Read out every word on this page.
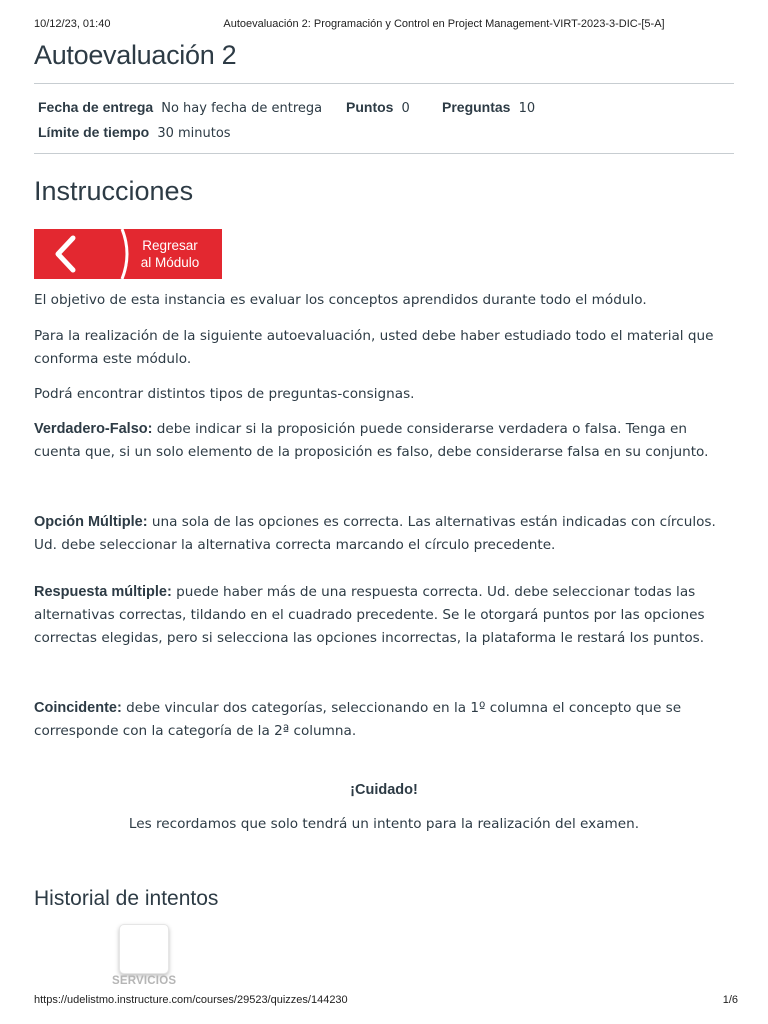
10/12/23, 01:40	Autoevaluación 2: Programación y Control en Project Management-VIRT-2023-3-DIC-[5-A]
Autoevaluación 2
Fecha de entrega No hay fecha de entrega Puntos 0 Preguntas 10
Límite de tiempo 30 minutos
Instrucciones
Regresar
al Módulo
El objetivo de esta instancia es evaluar los conceptos aprendidos durante todo el módulo.
Para la realización de la siguiente autoevaluación, usted debe haber estudiado todo el material que conforma este módulo.
Podrá encontrar distintos tipos de preguntas-consignas.
Verdadero-Falso: debe indicar si la proposición puede considerarse verdadera o falsa. Tenga en cuenta que, si un solo elemento de la proposición es falso, debe considerarse falsa en su conjunto.
Opción Múltiple: una sola de las opciones es correcta. Las alternativas están indicadas con círculos. Ud. debe seleccionar la alternativa correcta marcando el círculo precedente.
Respuesta múltiple: puede haber más de una respuesta correcta. Ud. debe seleccionar todas las alternativas correctas, tildando en el cuadrado precedente. Se le otorgará puntos por las opciones correctas elegidas, pero si selecciona las opciones incorrectas, la plataforma le restará los puntos.
Coincidente: debe vincular dos categorías, seleccionando en la 1º columna el concepto que se corresponde con la categoría de la 2ª columna.
¡Cuidado!
Les recordamos que solo tendrá un intento para la realización del examen.
Historial de intentos
SERVICIOS
https://udelistmo.instructure.com/courses/29523/quizzes/144230	1/6
